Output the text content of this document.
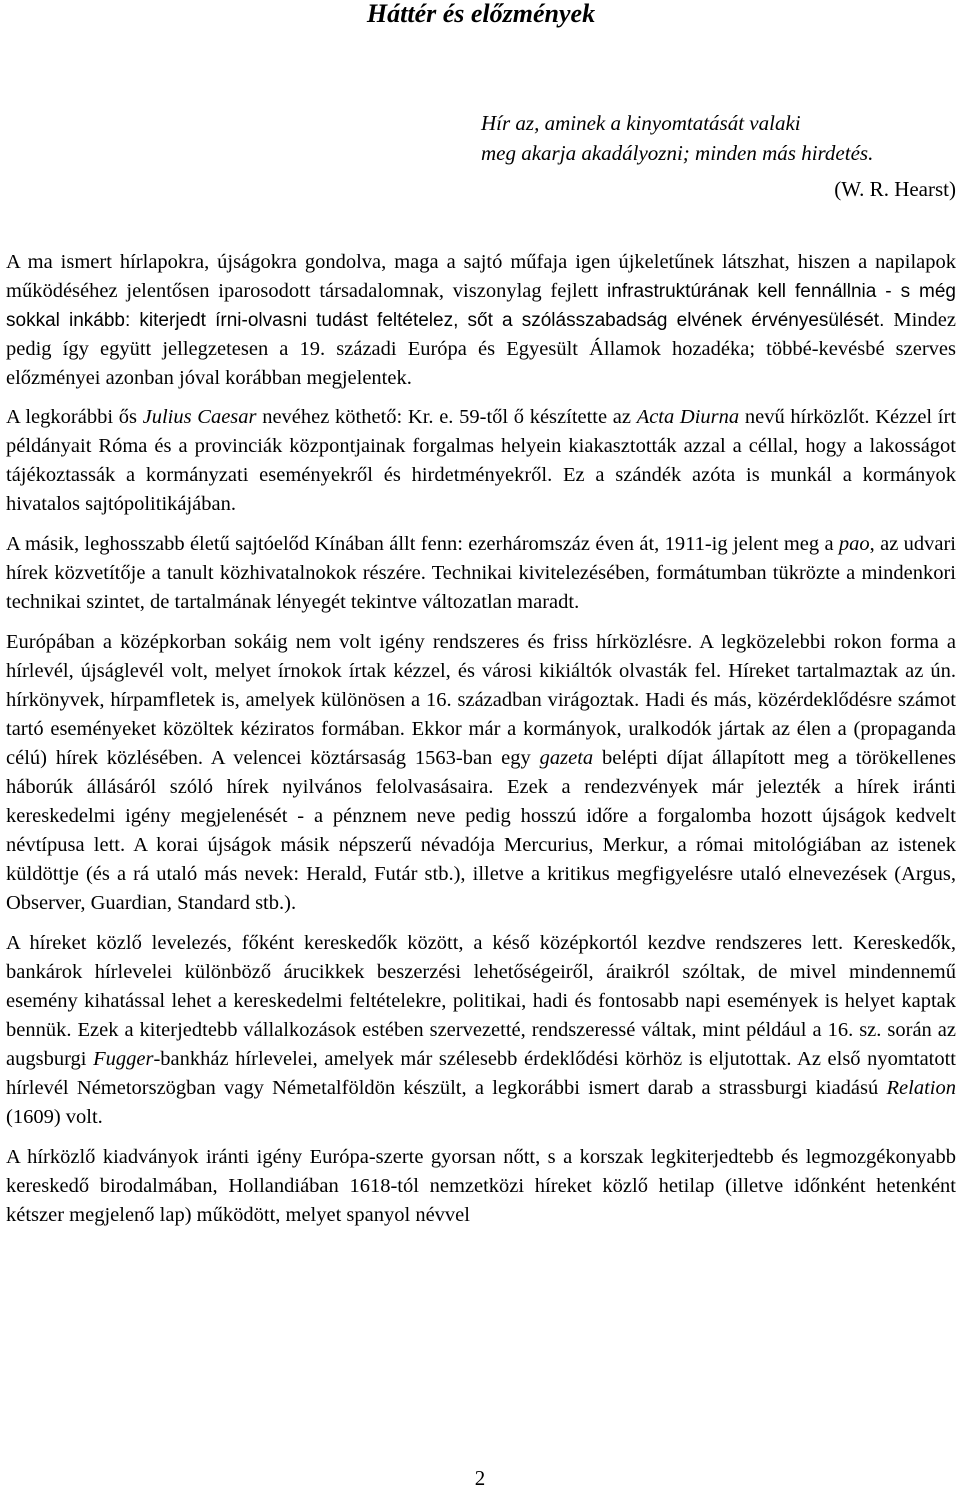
Háttér és előzmények

Hír az, aminek a kinyomtatását valaki

meg akarja akadályozni; minden más hirdetés.

(W. R. Hearst)

A ma ismert hírlapokra, újságokra gondolva, maga a sajtó műfaja igen újkeletűnek látszhat, hiszen a napilapok működéséhez jelentősen iparosodott társadalomnak, viszonylag fejlett infrastruktúrának kell fennállnia - s még sokkal inkább: kiterjedt írni-olvasni tudást feltételez, sőt a szólásszabadság elvének érvényesülését. Mindez pedig így együtt jellegzetesen a 19. századi Európa és Egyesült Államok hozadéka; többé-kevésbé szerves előzményei azonban jóval korábban megjelentek.

A legkorábbi ős Julius Caesar nevéhez köthető: Kr. e. 59-től ő készítette az Acta Diurna nevű hírközlőt. Kézzel írt példányait Róma és a provinciák központjainak forgalmas helyein kiakasztották azzal a céllal, hogy a lakosságot tájékoztassák a kormányzati eseményekről és hirdetményekről. Ez a szándék azóta is munkál a kormányok hivatalos sajtópolitikájában.

A másik, leghosszabb életű sajtóelőd Kínában állt fenn: ezerháromszáz éven át, 1911-ig jelent meg a pao, az udvari hírek közvetítője a tanult közhivatalnokok részére. Technikai kivitelezésében, formátumban tükrözte a mindenkori technikai szintet, de tartalmának lényegét tekintve változatlan maradt.

Európában a középkorban sokáig nem volt igény rendszeres és friss hírközlésre. A legközelebbi rokon forma a hírlevél, újságlevél volt, melyet írnokok írtak kézzel, és városi kikiáltók olvasták fel. Híreket tartalmaztak az ún. hírkönyvek, hírpamfletek is, amelyek különösen a 16. században virágoztak. Hadi és más, közérdeklődésre számot tartó eseményeket közöltek kéziratos formában. Ekkor már a kormányok, uralkodók jártak az élen a (propaganda célú) hírek közlésében. A velencei köztársaság 1563-ban egy gazeta belépti díjat állapított meg a törökellenes háborúk állásáról szóló hírek nyilvános felolvasásaira. Ezek a rendezvények már jelezték a hírek iránti kereskedelmi igény megjelenését - a pénznem neve pedig hosszú időre a forgalomba hozott újságok kedvelt névtípusa lett. A korai újságok másik népszerű névadója Mercurius, Merkur, a római mitológiában az istenek küldöttje (és a rá utaló más nevek: Herald, Futár stb.), illetve a kritikus megfigyelésre utaló elnevezések (Argus, Observer, Guardian, Standard stb.).

A híreket közlő levelezés, főként kereskedők között, a késő középkortól kezdve rendszeres lett. Kereskedők, bankárok hírlevelei különböző árucikkek beszerzési lehetőségeiről, áraikról szóltak, de mivel mindennemű esemény kihatással lehet a kereskedelmi feltételekre, politikai, hadi és fontosabb napi események is helyet kaptak bennük. Ezek a kiterjedtebb vállalkozások estében szervezetté, rendszeressé váltak, mint például a 16. sz. során az augsburgi Fugger-bankház hírlevelei, amelyek már szélesebb érdeklődési körhöz is eljutottak. Az első nyomtatott hírlevél Németorszögban vagy Németalföldön készült, a legkorábbi ismert darab a strassburgi kiadású Relation (1609) volt.

A hírközlő kiadványok iránti igény Európa-szerte gyorsan nőtt, s a korszak legkiterjedtebb és legmozgékonyabb kereskedő birodalmában, Hollandiában 1618-tól nemzetközi híreket közlő hetilap (illetve időnként hetenként kétszer megjelenő lap) működött, melyet spanyol névvel

2
